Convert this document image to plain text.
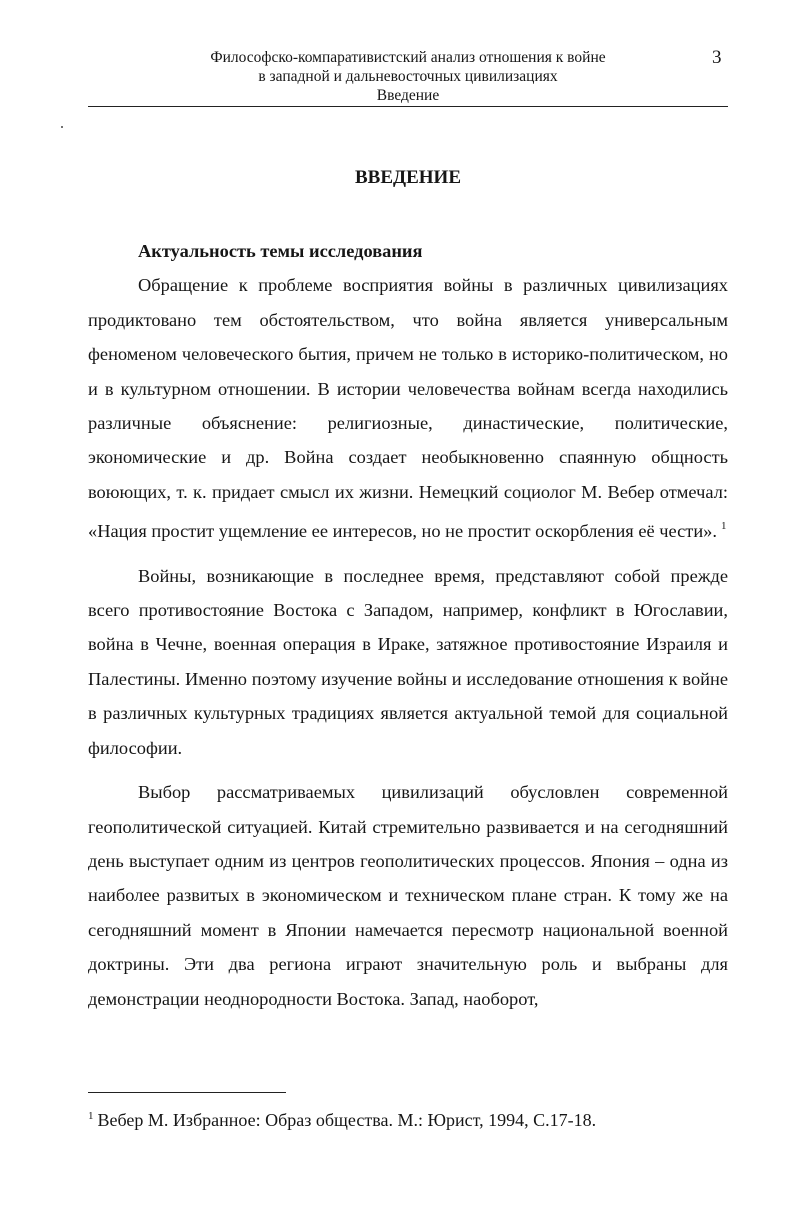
Философско-компаративистский анализ отношения к войне
в западной и дальневосточных цивилизациях
Введение
3
ВВЕДЕНИЕ

Актуальность темы исследования

Обращение к проблеме восприятия войны в различных цивилизациях продиктовано тем обстоятельством, что война является универсальным феноменом человеческого бытия, причем не только в историко-политическом, но и в культурном отношении. В истории человечества войнам всегда находились различные объяснение: религиозные, династические, политические, экономические и др. Война создает необыкновенно спаянную общность воюющих, т. к. придает смысл их жизни. Немецкий социолог М. Вебер отмечал: «Нация простит ущемление ее интересов, но не простит оскорбления её чести». $^1$

Войны, возникающие в последнее время, представляют собой прежде всего противостояние Востока с Западом, например, конфликт в Югославии, война в Чечне, военная операция в Ираке, затяжное противостояние Израиля и Палестины. Именно поэтому изучение войны и исследование отношения к войне в различных культурных традициях является актуальной темой для социальной философии.

Выбор рассматриваемых цивилизаций обусловлен современной геополитической ситуацией. Китай стремительно развивается и на сегодняшний день выступает одним из центров геополитических процессов. Япония – одна из наиболее развитых в экономическом и техническом плане стран. К тому же на сегодняшний момент в Японии намечается пересмотр национальной военной доктрины. Эти два региона играют значительную роль и выбраны для демонстрации неоднородности Востока. Запад, наоборот,

$^1$ Вебер М. Избранное: Образ общества. М.: Юрист, 1994, С.17-18.
